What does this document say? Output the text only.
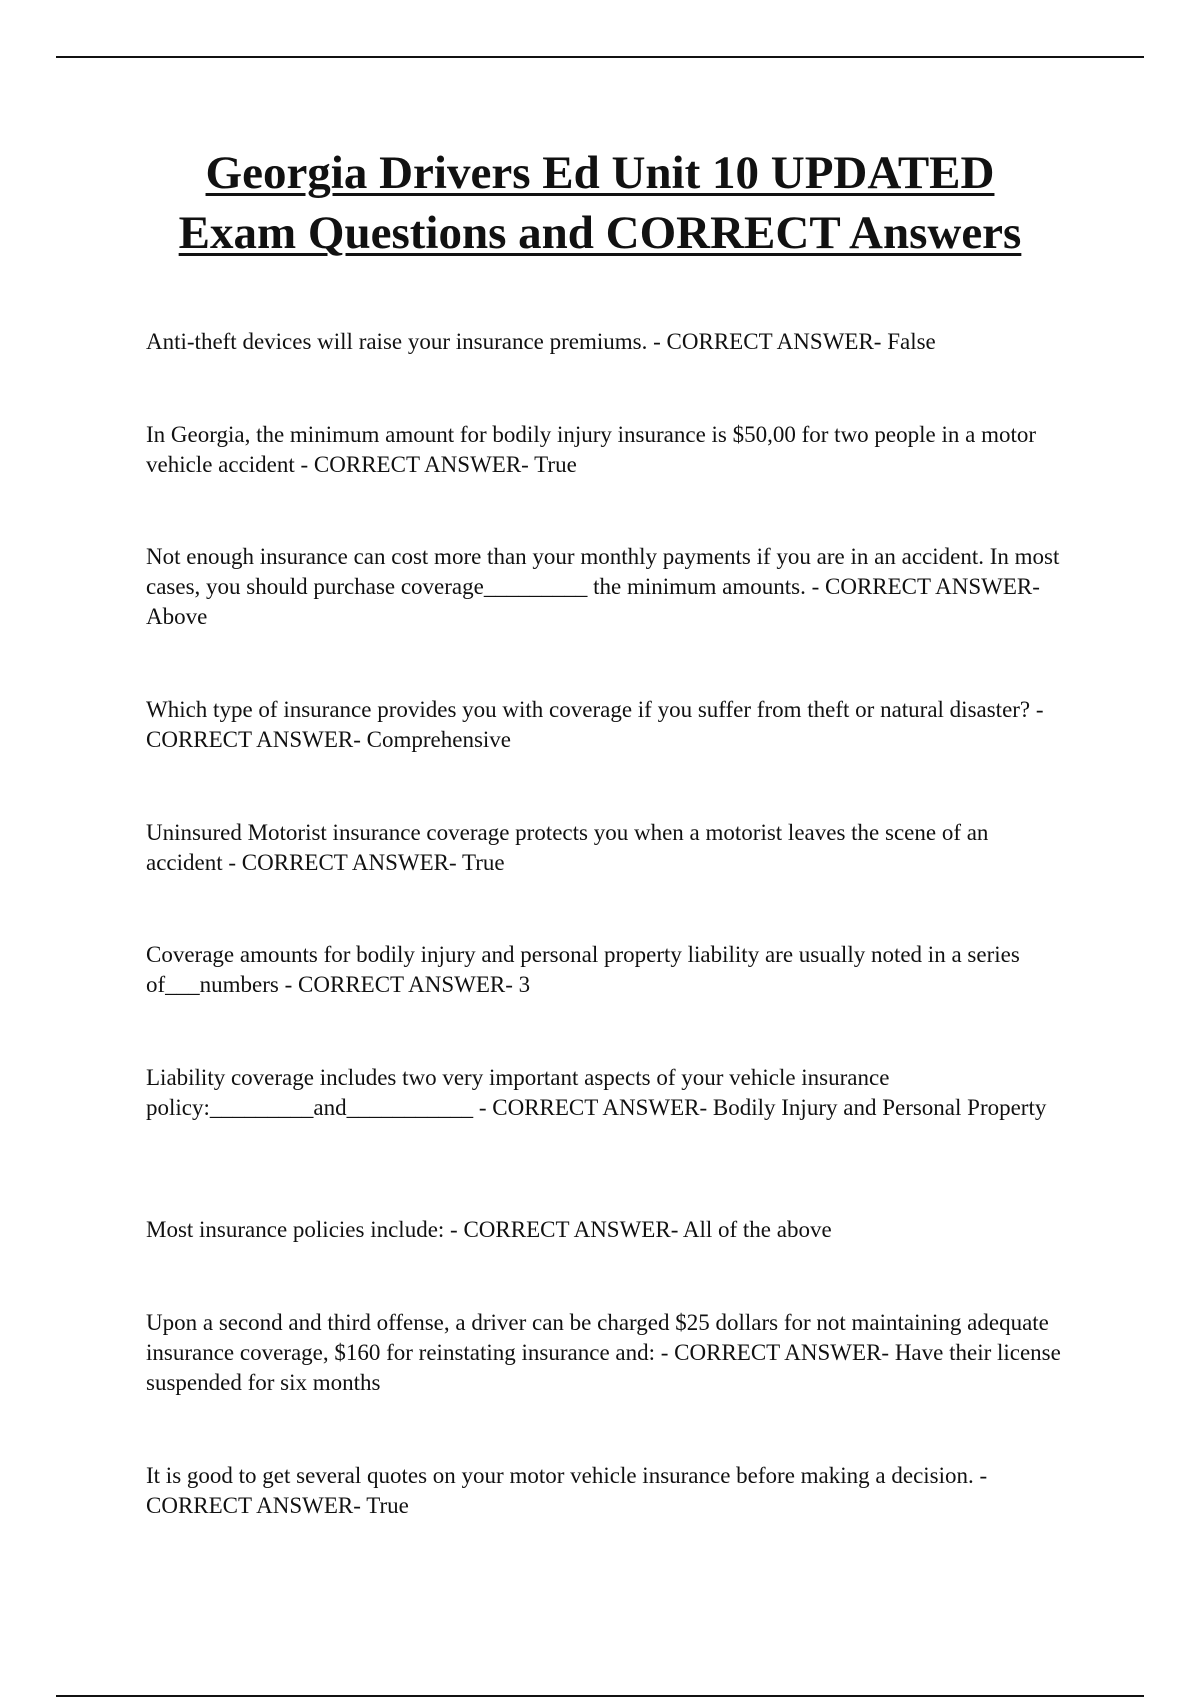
Georgia Drivers Ed Unit 10 UPDATED
Exam Questions and CORRECT Answers
Anti-theft devices will raise your insurance premiums. - CORRECT ANSWER- False
In Georgia, the minimum amount for bodily injury insurance is $50,00 for two people in a motor vehicle accident - CORRECT ANSWER- True
Not enough insurance can cost more than your monthly payments if you are in an accident. In most cases, you should purchase coverage_________ the minimum amounts. - CORRECT ANSWER- Above
Which type of insurance provides you with coverage if you suffer from theft or natural disaster? - CORRECT ANSWER- Comprehensive
Uninsured Motorist insurance coverage protects you when a motorist leaves the scene of an accident - CORRECT ANSWER- True
Coverage amounts for bodily injury and personal property liability are usually noted in a series of___numbers - CORRECT ANSWER- 3
Liability coverage includes two very important aspects of your vehicle insurance policy:_________and___________ - CORRECT ANSWER- Bodily Injury and Personal Property
Most insurance policies include: - CORRECT ANSWER- All of the above
Upon a second and third offense, a driver can be charged $25 dollars for not maintaining adequate insurance coverage, $160 for reinstating insurance and: - CORRECT ANSWER- Have their license suspended for six months
It is good to get several quotes on your motor vehicle insurance before making a decision. - CORRECT ANSWER- True
